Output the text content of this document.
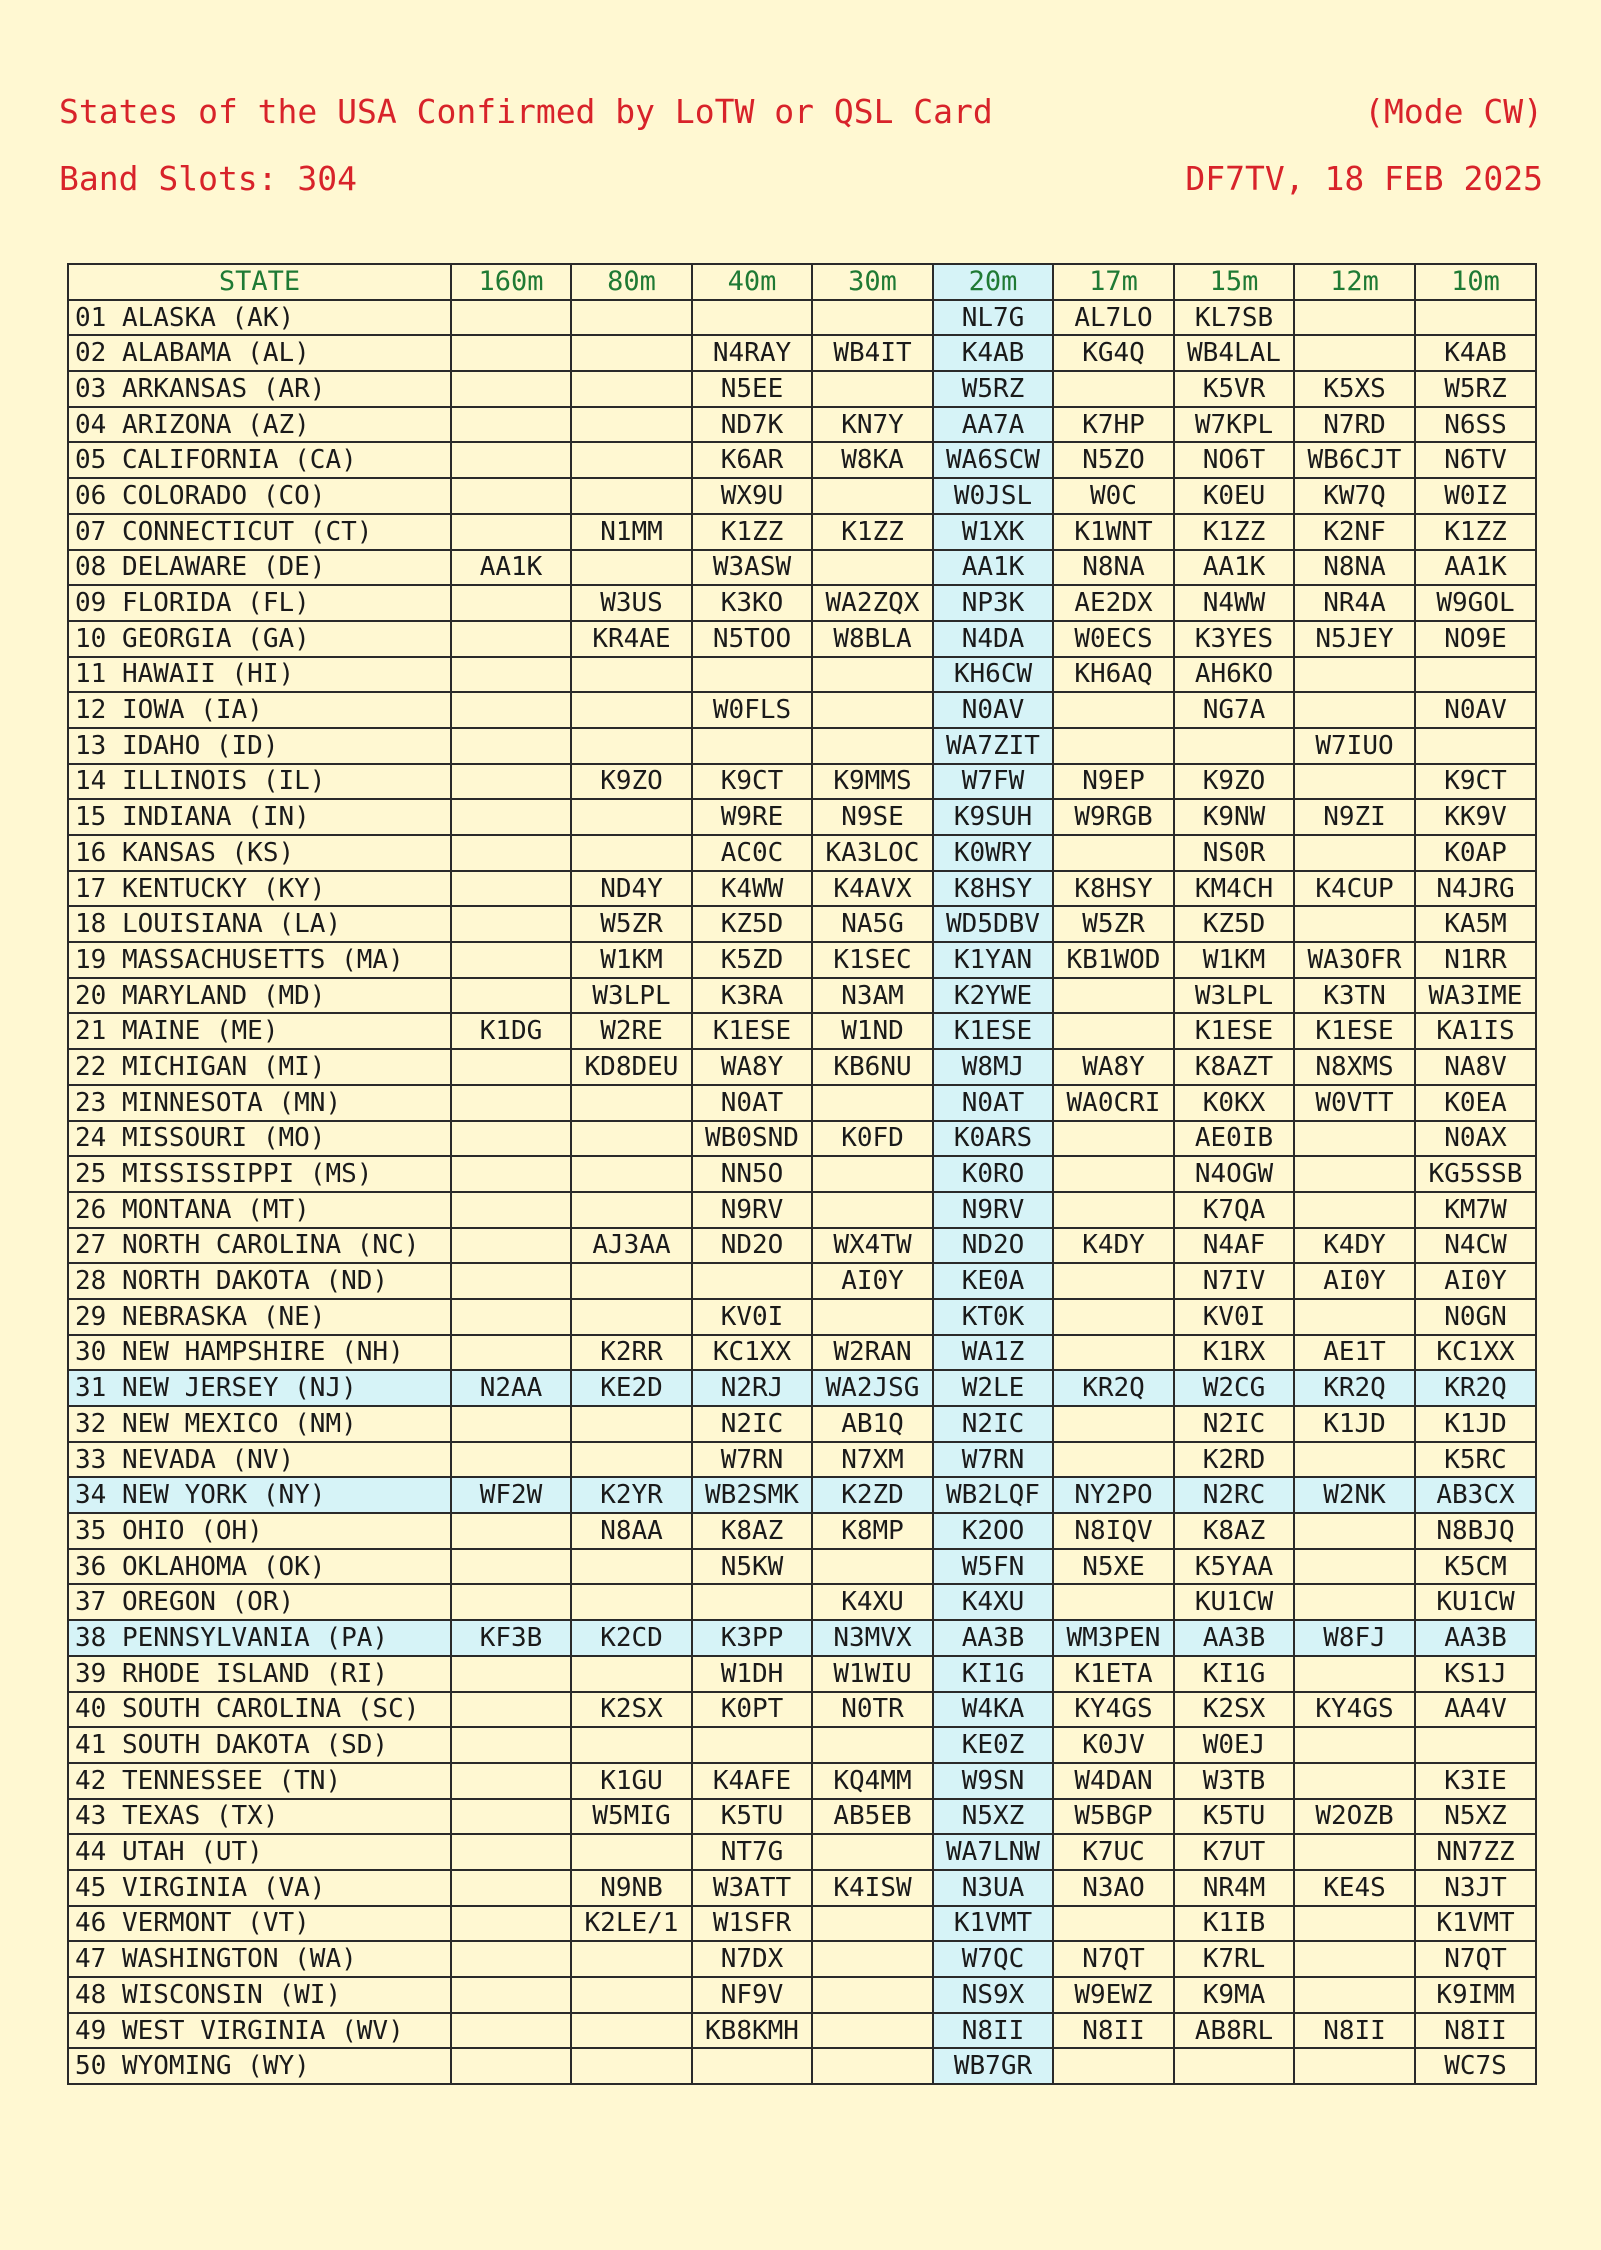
States of the USA Confirmed by LoTW or QSL Card	(Mode CW)
Band Slots: 304	DF7TV, 18 FEB 2025
STATE	160m	80m	40m	30m	20m	17m	15m	12m	10m
01 ALASKA (AK)					NL7G	AL7LO	KL7SB		
02 ALABAMA (AL)			N4RAY	WB4IT	K4AB	KG4Q	WB4LAL		K4AB
03 ARKANSAS (AR)			N5EE		W5RZ		K5VR	K5XS	W5RZ
04 ARIZONA (AZ)			ND7K	KN7Y	AA7A	K7HP	W7KPL	N7RD	N6SS
05 CALIFORNIA (CA)			K6AR	W8KA	WA6SCW	N5ZO	NO6T	WB6CJT	N6TV
06 COLORADO (CO)			WX9U		W0JSL	W0C	K0EU	KW7Q	W0IZ
07 CONNECTICUT (CT)		N1MM	K1ZZ	K1ZZ	W1XK	K1WNT	K1ZZ	K2NF	K1ZZ
08 DELAWARE (DE)	AA1K		W3ASW		AA1K	N8NA	AA1K	N8NA	AA1K
09 FLORIDA (FL)		W3US	K3KO	WA2ZQX	NP3K	AE2DX	N4WW	NR4A	W9GOL
10 GEORGIA (GA)		KR4AE	N5TOO	W8BLA	N4DA	W0ECS	K3YES	N5JEY	NO9E
11 HAWAII (HI)					KH6CW	KH6AQ	AH6KO		
12 IOWA (IA)			W0FLS		N0AV		NG7A		N0AV
13 IDAHO (ID)					WA7ZIT			W7IUO	
14 ILLINOIS (IL)		K9ZO	K9CT	K9MMS	W7FW	N9EP	K9ZO		K9CT
15 INDIANA (IN)			W9RE	N9SE	K9SUH	W9RGB	K9NW	N9ZI	KK9V
16 KANSAS (KS)			AC0C	KA3LOC	K0WRY		NS0R		K0AP
17 KENTUCKY (KY)		ND4Y	K4WW	K4AVX	K8HSY	K8HSY	KM4CH	K4CUP	N4JRG
18 LOUISIANA (LA)		W5ZR	KZ5D	NA5G	WD5DBV	W5ZR	KZ5D		KA5M
19 MASSACHUSETTS (MA)		W1KM	K5ZD	K1SEC	K1YAN	KB1WOD	W1KM	WA3OFR	N1RR
20 MARYLAND (MD)		W3LPL	K3RA	N3AM	K2YWE		W3LPL	K3TN	WA3IME
21 MAINE (ME)	K1DG	W2RE	K1ESE	W1ND	K1ESE		K1ESE	K1ESE	KA1IS
22 MICHIGAN (MI)		KD8DEU	WA8Y	KB6NU	W8MJ	WA8Y	K8AZT	N8XMS	NA8V
23 MINNESOTA (MN)			N0AT		N0AT	WA0CRI	K0KX	W0VTT	K0EA
24 MISSOURI (MO)			WB0SND	K0FD	K0ARS		AE0IB		N0AX
25 MISSISSIPPI (MS)			NN5O		K0RO		N4OGW		KG5SSB
26 MONTANA (MT)			N9RV		N9RV		K7QA		KM7W
27 NORTH CAROLINA (NC)		AJ3AA	ND2O	WX4TW	ND2O	K4DY	N4AF	K4DY	N4CW
28 NORTH DAKOTA (ND)				AI0Y	KE0A		N7IV	AI0Y	AI0Y
29 NEBRASKA (NE)			KV0I		KT0K		KV0I		N0GN
30 NEW HAMPSHIRE (NH)		K2RR	KC1XX	W2RAN	WA1Z		K1RX	AE1T	KC1XX
31 NEW JERSEY (NJ)	N2AA	KE2D	N2RJ	WA2JSG	W2LE	KR2Q	W2CG	KR2Q	KR2Q
32 NEW MEXICO (NM)			N2IC	AB1Q	N2IC		N2IC	K1JD	K1JD
33 NEVADA (NV)			W7RN	N7XM	W7RN		K2RD		K5RC
34 NEW YORK (NY)	WF2W	K2YR	WB2SMK	K2ZD	WB2LQF	NY2PO	N2RC	W2NK	AB3CX
35 OHIO (OH)		N8AA	K8AZ	K8MP	K2OO	N8IQV	K8AZ		N8BJQ
36 OKLAHOMA (OK)			N5KW		W5FN	N5XE	K5YAA		K5CM
37 OREGON (OR)				K4XU	K4XU		KU1CW		KU1CW
38 PENNSYLVANIA (PA)	KF3B	K2CD	K3PP	N3MVX	AA3B	WM3PEN	AA3B	W8FJ	AA3B
39 RHODE ISLAND (RI)			W1DH	W1WIU	KI1G	K1ETA	KI1G		KS1J
40 SOUTH CAROLINA (SC)		K2SX	K0PT	N0TR	W4KA	KY4GS	K2SX	KY4GS	AA4V
41 SOUTH DAKOTA (SD)					KE0Z	K0JV	W0EJ		
42 TENNESSEE (TN)		K1GU	K4AFE	KQ4MM	W9SN	W4DAN	W3TB		K3IE
43 TEXAS (TX)		W5MIG	K5TU	AB5EB	N5XZ	W5BGP	K5TU	W2OZB	N5XZ
44 UTAH (UT)			NT7G		WA7LNW	K7UC	K7UT		NN7ZZ
45 VIRGINIA (VA)		N9NB	W3ATT	K4ISW	N3UA	N3AO	NR4M	KE4S	N3JT
46 VERMONT (VT)		K2LE/1	W1SFR		K1VMT		K1IB		K1VMT
47 WASHINGTON (WA)			N7DX		W7QC	N7QT	K7RL		N7QT
48 WISCONSIN (WI)			NF9V		NS9X	W9EWZ	K9MA		K9IMM
49 WEST VIRGINIA (WV)			KB8KMH		N8II	N8II	AB8RL	N8II	N8II
50 WYOMING (WY)					WB7GR				WC7S
